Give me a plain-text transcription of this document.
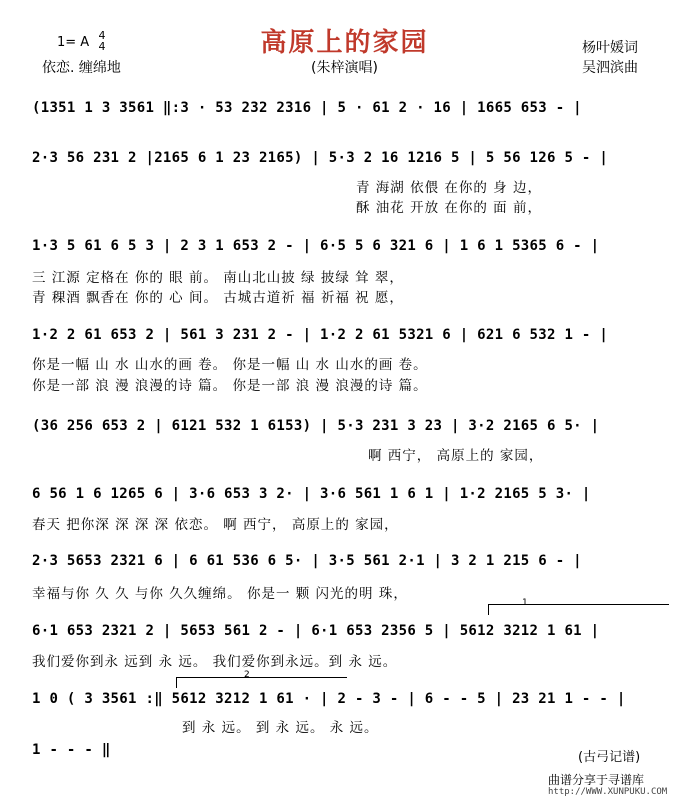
高原上的家园
1= A 4
4
依恋. 缠绵地	(朱梓演唱)
杨叶媛词
吴泗滨曲
(1351 1 3 3561 ‖:3 · 53 232 2316 | 5 · 61 2 · 16 | 1665 653 - |
2·3 56 231 2 |2165 6 1 23 2165) | 5·3 2 16 1216 5 | 5 56 126 5 - |
青 海湖 依偎 在你的 身 边，
酥 油花 开放 在你的 面 前，
1·3 5 61 6 5 3 | 2 3 1 653 2 - | 6·5 5 6 321 6 | 1 6 1 5365 6 - |
三 江源 定格在 你的 眼 前。 南山北山披 绿 披绿 耸 翠，
青 稞酒 飘香在 你的 心 间。 古城古道祈 福 祈福 祝 愿，
1·2 2 61 653 2 | 561 3 231 2 - | 1·2 2 61 5321 6 | 621 6 532 1 - |
你是一幅 山 水 山水的画 卷。 你是一幅 山 水 山水的画 卷。
你是一部 浪 漫 浪漫的诗 篇。 你是一部 浪 漫 浪漫的诗 篇。
(36 256 653 2 | 6121 532 1 6153) | 5·3 231 3 23 | 3·2 2165 6 5· |
啊 西宁， 高原上的 家园，
6 56 1 6 1265 6 | 3·6 653 3 2· | 3·6 561 1 6 1 | 1·2 2165 5 3· |
春天 把你深 深 深 深 依恋。 啊 西宁， 高原上的 家园，
2·3 5653 2321 6 | 6 61 536 6 5· | 3·5 561 2·1 | 3 2 1 215 6 - |
幸福与你 久 久 与你 久久缠绵。 你是一 颗 闪光的明 珠，
1
6·1 653 2321 2 | 5653 561 2 - | 6·1 653 2356 5 | 5612 3212 1 61 |
我们爱你到永 远到 永 远。 我们爱你到永远。到 永 远。
2
1 0 ( 3 3561 :‖ 5612 3212 1 61 · | 2 - 3 - | 6 - - 5 | 23 21 1 - - |
到 永 远。 到 永 远。 永 远。
1 - - - ‖	(古弓记谱)
曲谱分享于寻谱库
http://WWW.XUNPUKU.COM
